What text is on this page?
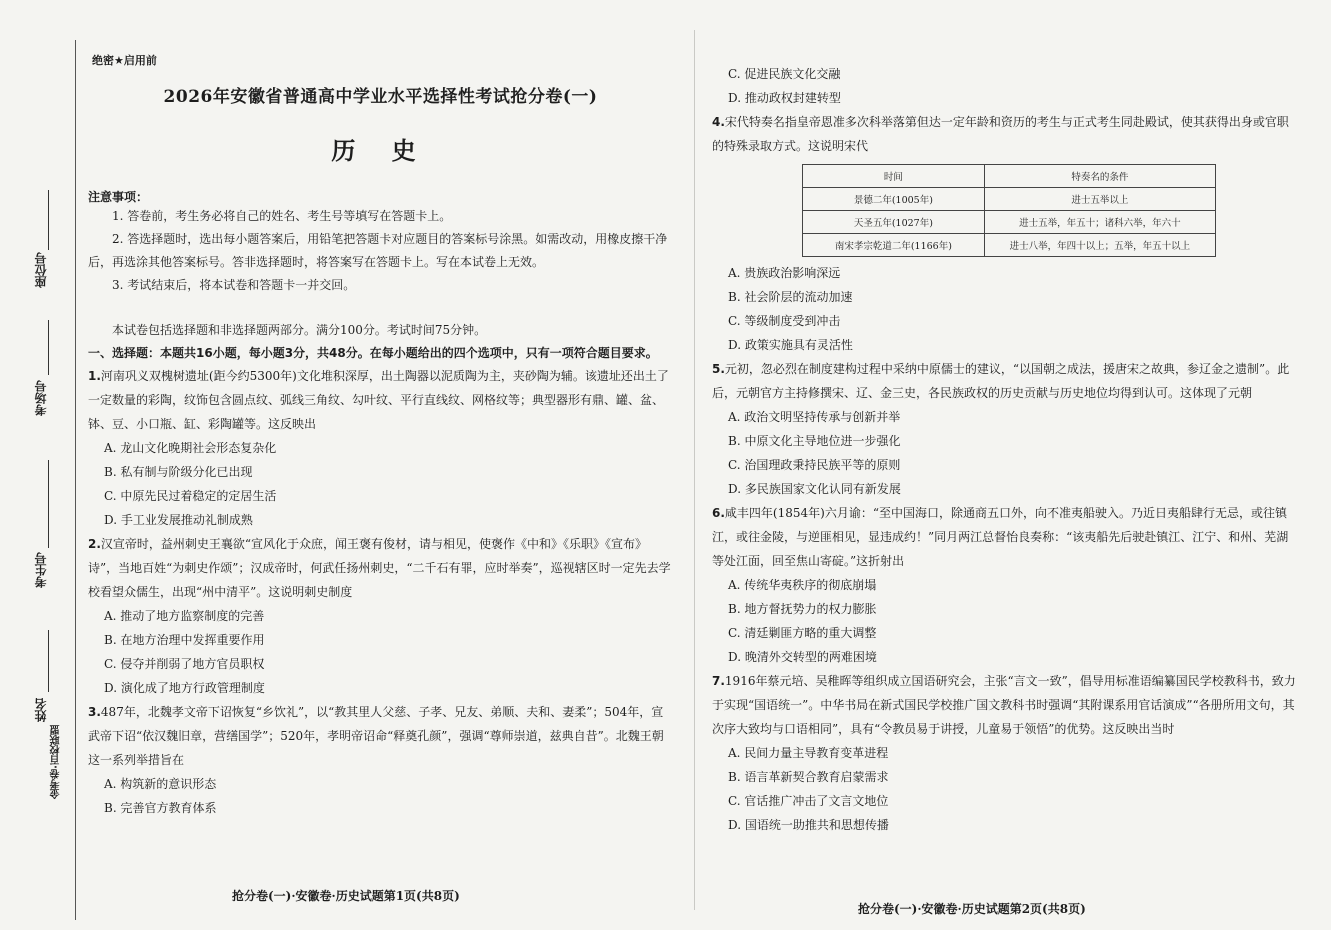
座位号
考场号
考生号
姓名
金考卷·百校联盟
绝密★启用前
2026年安徽省普通高中学业水平选择性考试抢分卷(一)
历 史
注意事项：
1. 答卷前，考生务必将自己的姓名、考生号等填写在答题卡上。
2. 答选择题时，选出每小题答案后，用铅笔把答题卡对应题目的答案标号涂黑。如需改动，用橡皮擦干净后，再选涂其他答案标号。答非选择题时，将答案写在答题卡上。写在本试卷上无效。
3. 考试结束后，将本试卷和答题卡一并交回。
本试卷包括选择题和非选择题两部分。满分100分。考试时间75分钟。
一、选择题：本题共16小题，每小题3分，共48分。在每小题给出的四个选项中，只有一项符合题目要求。
1.河南巩义双槐树遗址(距今约5300年)文化堆积深厚，出土陶器以泥质陶为主，夹砂陶为辅。该遗址还出土了一定数量的彩陶，纹饰包含圆点纹、弧线三角纹、勾叶纹、平行直线纹、网格纹等；典型器形有鼎、罐、盆、钵、豆、小口瓶、缸、彩陶罐等。这反映出
A. 龙山文化晚期社会形态复杂化
B. 私有制与阶级分化已出现
C. 中原先民过着稳定的定居生活
D. 手工业发展推动礼制成熟
2.汉宣帝时，益州刺史王襄欲“宣风化于众庶，闻王褒有俊材，请与相见，使褒作《中和》《乐职》《宣布》诗”，当地百姓“为刺史作颂”；汉成帝时，何武任扬州刺史，“二千石有罪，应时举奏”，巡视辖区时一定先去学校看望众儒生，出现“州中清平”。这说明刺史制度
A. 推动了地方监察制度的完善
B. 在地方治理中发挥重要作用
C. 侵夺并削弱了地方官员职权
D. 演化成了地方行政管理制度
3.487年，北魏孝文帝下诏恢复“乡饮礼”，以“教其里人父慈、子孝、兄友、弟顺、夫和、妻柔”；504年，宣武帝下诏“依汉魏旧章，营缮国学”；520年，孝明帝诏命“释奠孔颜”，强调“尊师崇道，兹典自昔”。北魏王朝这一系列举措旨在
A. 构筑新的意识形态
B. 完善官方教育体系
抢分卷(一)·安徽卷·历史试题第1页(共8页)
C. 促进民族文化交融
D. 推动政权封建转型
4.宋代特奏名指皇帝恩准多次科举落第但达一定年龄和资历的考生与正式考生同赴殿试，使其获得出身或官职的特殊录取方式。这说明宋代
时间	特奏名的条件
景德二年(1005年)	进士五举以上
天圣五年(1027年)	进士五举，年五十；诸科六举，年六十
南宋孝宗乾道二年(1166年)	进士八举，年四十以上；五举，年五十以上
A. 贵族政治影响深远
B. 社会阶层的流动加速
C. 等级制度受到冲击
D. 政策实施具有灵活性
5.元初，忽必烈在制度建构过程中采纳中原儒士的建议，“以国朝之成法，援唐宋之故典，参辽金之遗制”。此后，元朝官方主持修撰宋、辽、金三史，各民族政权的历史贡献与历史地位均得到认可。这体现了元朝
A. 政治文明坚持传承与创新并举
B. 中原文化主导地位进一步强化
C. 治国理政秉持民族平等的原则
D. 多民族国家文化认同有新发展
6.咸丰四年(1854年)六月谕：“至中国海口，除通商五口外，向不准夷船驶入。乃近日夷船肆行无忌，或往镇江，或往金陵，与逆匪相见，显违成约！”同月两江总督怡良奏称：“该夷船先后驶赴镇江、江宁、和州、芜湖等处江面，回至焦山寄碇。”这折射出
A. 传统华夷秩序的彻底崩塌
B. 地方督抚势力的权力膨胀
C. 清廷剿匪方略的重大调整
D. 晚清外交转型的两难困境
7.1916年蔡元培、吴稚晖等组织成立国语研究会，主张“言文一致”，倡导用标准语编纂国民学校教科书，致力于实现“国语统一”。中华书局在新式国民学校推广国文教科书时强调“其附课系用官话演成”“各册所用文句，其次序大致均与口语相同”，具有“令教员易于讲授，儿童易于领悟”的优势。这反映出当时
A. 民间力量主导教育变革进程
B. 语言革新契合教育启蒙需求
C. 官话推广冲击了文言文地位
D. 国语统一助推共和思想传播
抢分卷(一)·安徽卷·历史试题第2页(共8页)
